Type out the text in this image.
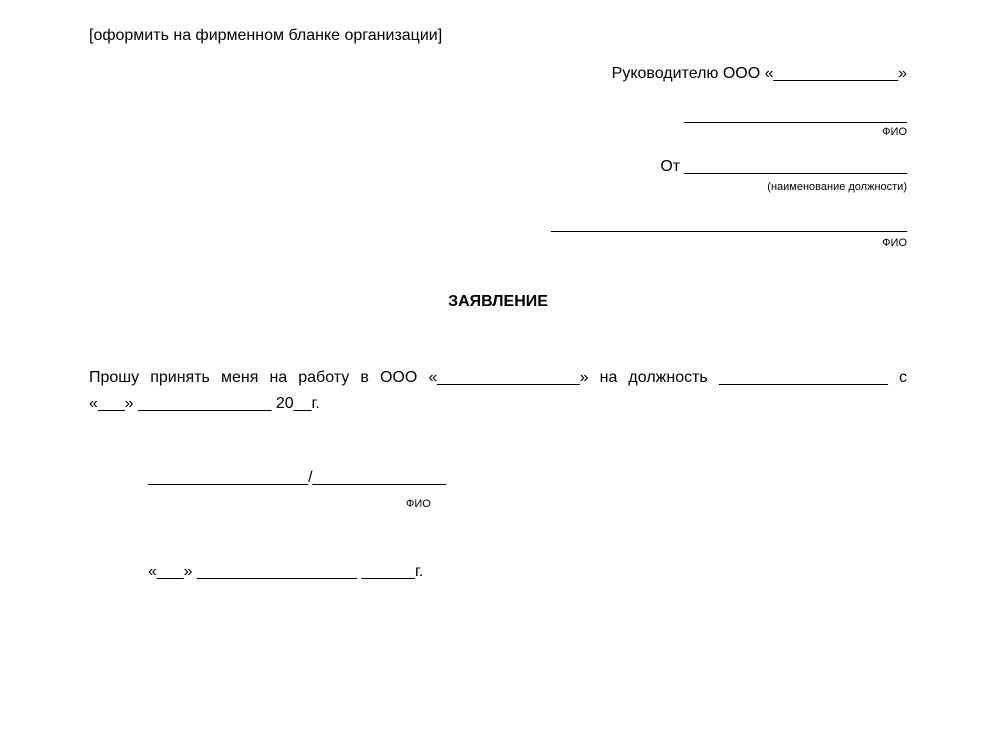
[оформить на фирменном бланке организации]
Руководителю ООО «______________»
_________________________
ФИО
От _________________________
(наименование должности)
________________________________________
ФИО
ЗАЯВЛЕНИЕ
Прошу принять меня на работу в ООО «________________» на должность ___________________ с
«___» _______________ 20__г.
__________________/_______________
ФИО
«___» __________________ ______г.
